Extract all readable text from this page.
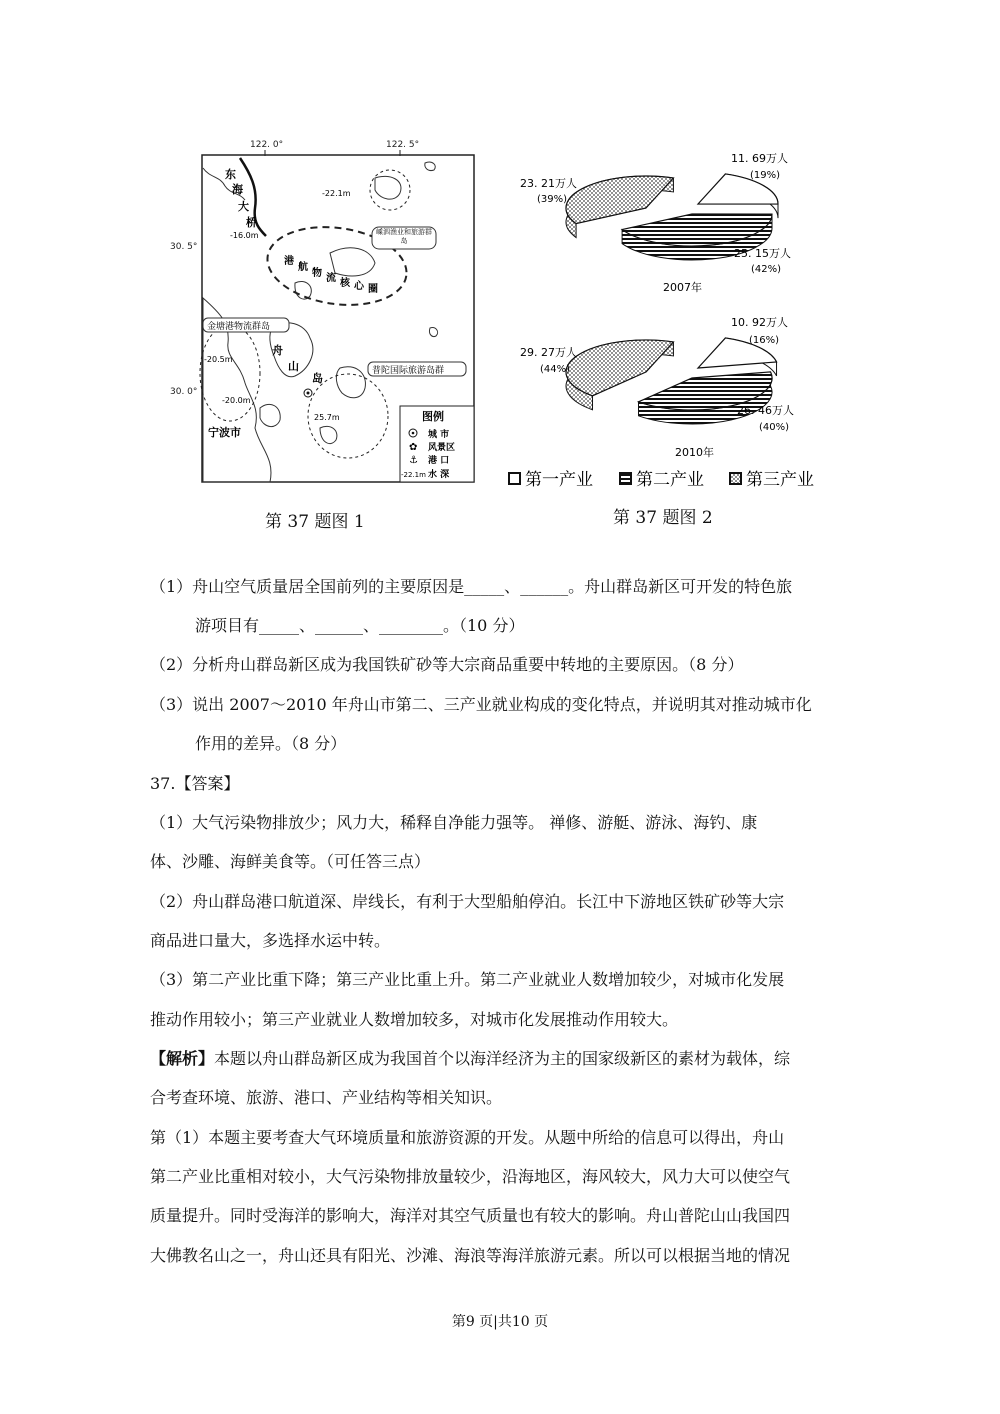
122. 0°	122. 5°
30. 5°
30. 0°
东
海
大
桥
-16.0m
-22.1m
-20.5m
-20.0m
25.7m
港
航
物 流 核 心 圈
嵊泗渔业和旅游群岛
金塘港物流群岛
普陀国际旅游岛群
舟
山
岛
宁波市
图例
城 市
✿ 风景区
⚓ 港 口
-22.1m 水 深
第 37 题图 1
23. 21万人
(39%)
11. 69万人
(19%)
25. 15万人
(42%)
2007年
29. 27万人
(44%)
10. 92万人
(16%)
26. 46万人
(40%)
2010年
第一产业	第二产业 第三产业
第 37 题图 2
（1）舟山空气质量居全国前列的主要原因是_____、______。舟山群岛新区可开发的特色旅
游项目有_____、______、________。（10 分）
（2）分析舟山群岛新区成为我国铁矿砂等大宗商品重要中转地的主要原因。（8 分）
（3）说出 2007～2010 年舟山市第二、三产业就业构成的变化特点，并说明其对推动城市化
作用的差异。（8 分）
37.【答案】
（1）大气污染物排放少；风力大，稀释自净能力强等。 禅修、游艇、游泳、海钓、康
体、沙雕、海鲜美食等。（可任答三点）
（2）舟山群岛港口航道深、岸线长，有利于大型船舶停泊。长江中下游地区铁矿砂等大宗
商品进口量大，多选择水运中转。
（3）第二产业比重下降；第三产业比重上升。第二产业就业人数增加较少，对城市化发展
推动作用较小；第三产业就业人数增加较多，对城市化发展推动作用较大。
【解析】本题以舟山群岛新区成为我国首个以海洋经济为主的国家级新区的素材为载体，综
合考查环境、旅游、港口、产业结构等相关知识。
第（1）本题主要考查大气环境质量和旅游资源的开发。从题中所给的信息可以得出，舟山
第二产业比重相对较小，大气污染物排放量较少，沿海地区，海风较大，风力大可以使空气
质量提升。同时受海洋的影响大，海洋对其空气质量也有较大的影响。舟山普陀山山我国四
大佛教名山之一，舟山还具有阳光、沙滩、海浪等海洋旅游元素。所以可以根据当地的情况
第9 页|共10 页
